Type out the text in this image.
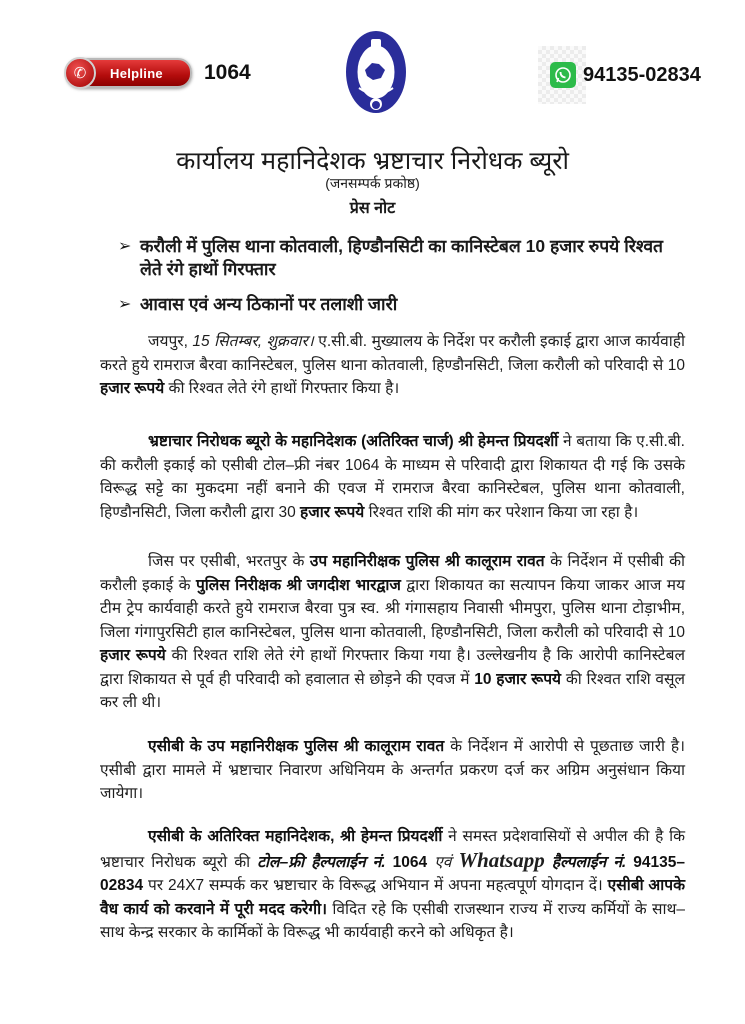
✆	Helpline 1064	94135-02834
कार्यालय महानिदेशक भ्रष्टाचार निरोधक ब्यूरो
(जनसम्पर्क प्रकोष्ठ)
प्रेस नोट
➢ करौली में पुलिस थाना कोतवाली, हिण्डौनसिटी का कानिस्टेबल 10 हजार रुपये रिश्वत लेते रंगे हाथों गिरफ्तार
➢ आवास एवं अन्य ठिकानों पर तलाशी जारी

जयपुर, 15 सितम्बर, शुक्रवार। ए.सी.बी. मुख्यालय के निर्देश पर करौली इकाई द्वारा आज कार्यवाही करते हुये रामराज बैरवा कानिस्टेबल, पुलिस थाना कोतवाली, हिण्डौनसिटी, जिला करौली को परिवादी से 10 हजार रूपये की रिश्वत लेते रंगे हाथों गिरफ्तार किया है।

भ्रष्टाचार निरोधक ब्यूरो के महानिदेशक (अतिरिक्त चार्ज) श्री हेमन्त प्रियदर्शी ने बताया कि ए.सी.बी. की करौली इकाई को एसीबी टोल–फ्री नंबर 1064 के माध्यम से परिवादी द्वारा शिकायत दी गई कि उसके विरूद्ध सट्टे का मुकदमा नहीं बनाने की एवज में रामराज बैरवा कानिस्टेबल, पुलिस थाना कोतवाली, हिण्डौनसिटी, जिला करौली द्वारा 30 हजार रूपये रिश्वत राशि की मांग कर परेशान किया जा रहा है।

जिस पर एसीबी, भरतपुर के उप महानिरीक्षक पुलिस श्री कालूराम रावत के निर्देशन में एसीबी की करौली इकाई के पुलिस निरीक्षक श्री जगदीश भारद्वाज द्वारा शिकायत का सत्यापन किया जाकर आज मय टीम ट्रेप कार्यवाही करते हुये रामराज बैरवा पुत्र स्व. श्री गंगासहाय निवासी भीमपुरा, पुलिस थाना टोड़ाभीम, जिला गंगापुरसिटी हाल कानिस्टेबल, पुलिस थाना कोतवाली, हिण्डौनसिटी, जिला करौली को परिवादी से 10 हजार रूपये की रिश्वत राशि लेते रंगे हाथों गिरफ्तार किया गया है। उल्लेखनीय है कि आरोपी कानिस्टेबल द्वारा शिकायत से पूर्व ही परिवादी को हवालात से छोड़ने की एवज में 10 हजार रूपये की रिश्वत राशि वसूल कर ली थी।

एसीबी के उप महानिरीक्षक पुलिस श्री कालूराम रावत के निर्देशन में आरोपी से पूछताछ जारी है। एसीबी द्वारा मामले में भ्रष्टाचार निवारण अधिनियम के अन्तर्गत प्रकरण दर्ज कर अग्रिम अनुसंधान किया जायेगा।

एसीबी के अतिरिक्त महानिदेशक, श्री हेमन्त प्रियदर्शी ने समस्त प्रदेशवासियों से अपील की है कि भ्रष्टाचार निरोधक ब्यूरो की टोल–फ्री हैल्पलाईन नं. 1064 एवं Whatsapp हैल्पलाईन नं. 94135–02834 पर 24X7 सम्पर्क कर भ्रष्टाचार के विरूद्ध अभियान में अपना महत्वपूर्ण योगदान दें। एसीबी आपके वैध कार्य को करवाने में पूरी मदद करेगी। विदित रहे कि एसीबी राजस्थान राज्य में राज्य कर्मियों के साथ–साथ केन्द्र सरकार के कार्मिकों के विरूद्ध भी कार्यवाही करने को अधिकृत है।
